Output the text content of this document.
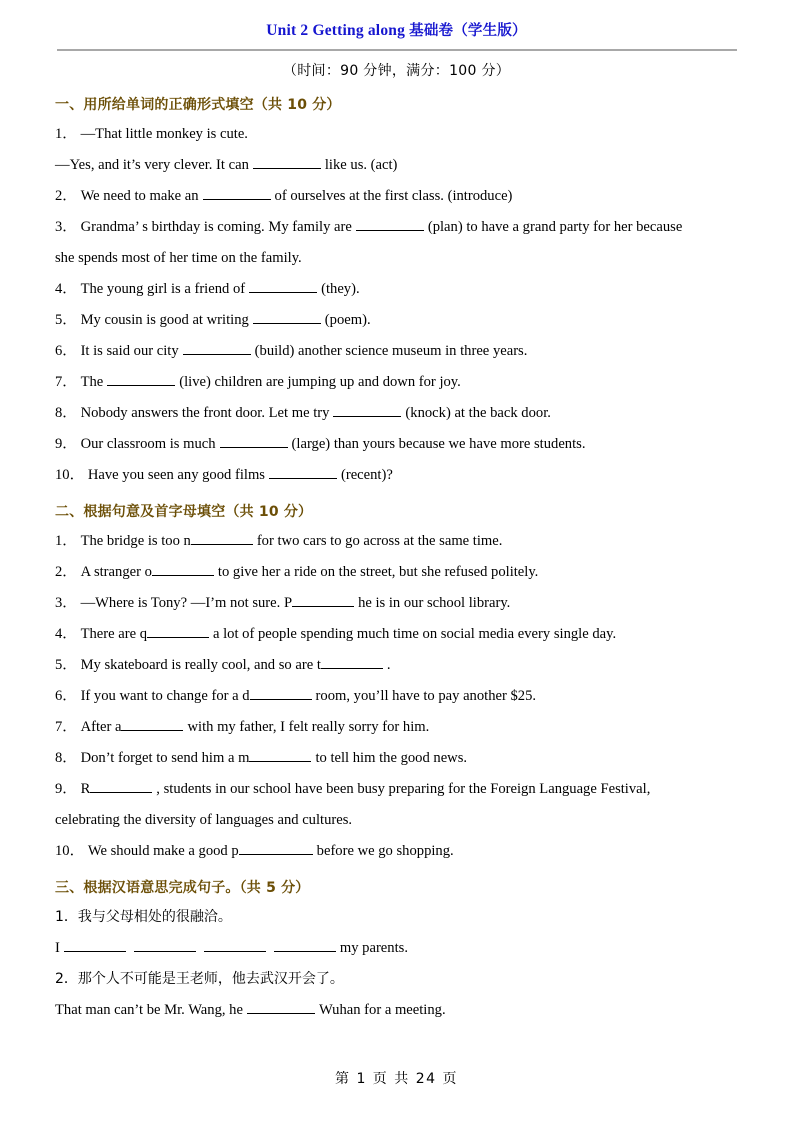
Unit 2 Getting along 基础卷（学生版）
（时间：90 分钟，满分：100 分）
一、用所给单词的正确形式填空（共 10 分）
1． —That little monkey is cute.
—Yes, and it’s very clever. It can	like us. (act)
2． We need to make an	of ourselves at the first class. (introduce)
3． Grandma’ s birthday is coming. My family are	(plan) to have a grand party for her because
she spends most of her time on the family.
4． The young girl is a friend of	(they).
5． My cousin is good at writing	(poem).
6． It is said our city	(build) another science museum in three years.
7． The	(live) children are jumping up and down for joy.
8． Nobody answers the front door. Let me try	(knock) at the back door.
9． Our classroom is much	(large) than yours because we have more students.
10． Have you seen any good films	(recent)?
二、根据句意及首字母填空（共 10 分）
1． The bridge is too n	for two cars to go across at the same time.
2． A stranger o	to give her a ride on the street, but she refused politely.
3． —Where is Tony? —I’m not sure. P	he is in our school library.
4． There are q	a lot of people spending much time on social media every single day.
5． My skateboard is really cool, and so are t	.
6． If you want to change for a d	room, you’ll have to pay another $25.
7． After a	with my father, I felt really sorry for him.
8． Don’t forget to send him a m	to tell him the good news.
9． R	, students in our school have been busy preparing for the Foreign Language Festival,
celebrating the diversity of languages and cultures.
10． We should make a good p	before we go shopping.
三、根据汉语意思完成句子。（共 5 分）
1．我与父母相处的很融洽。
I	my parents.
2．那个人不可能是王老师，他去武汉开会了。
That man can’t be Mr. Wang, he	Wuhan for a meeting.
第 1 页 共 24 页
